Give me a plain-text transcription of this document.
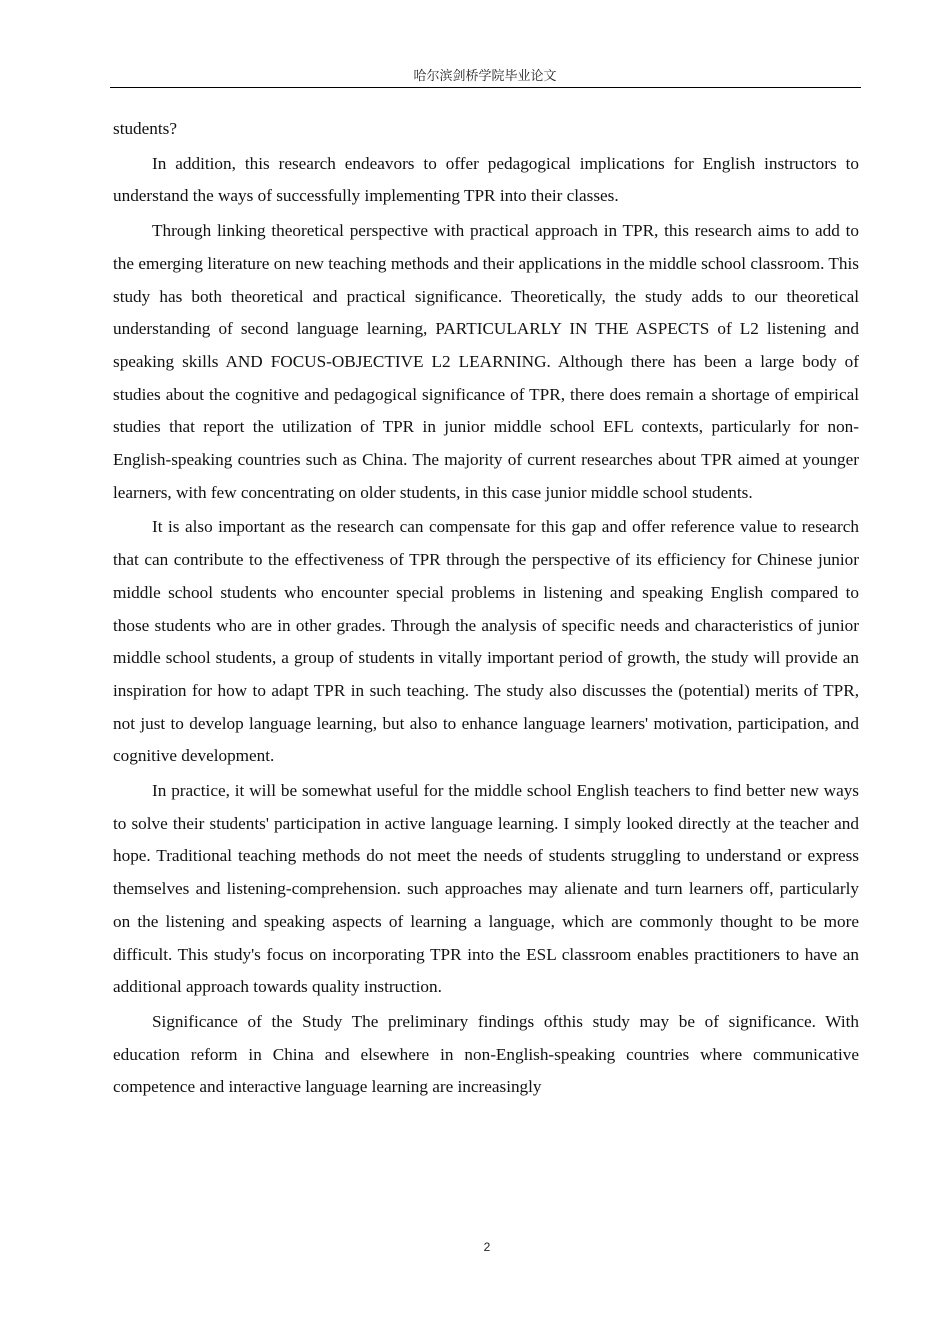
哈尔滨剑桥学院毕业论文

students?

In addition, this research endeavors to offer pedagogical implications for English instructors to understand the ways of successfully implementing TPR into their classes.

Through linking theoretical perspective with practical approach in TPR, this research aims to add to the emerging literature on new teaching methods and their applications in the middle school classroom. This study has both theoretical and practical significance. Theoretically, the study adds to our theoretical understanding of second language learning, PARTICULARLY IN THE ASPECTS of L2 listening and speaking skills AND FOCUS-OBJECTIVE L2 LEARNING. Although there has been a large body of studies about the cognitive and pedagogical significance of TPR, there does remain a shortage of empirical studies that report the utilization of TPR in junior middle school EFL contexts, particularly for non- English-speaking countries such as China. The majority of current researches about TPR aimed at younger learners, with few concentrating on older students, in this case junior middle school students.

It is also important as the research can compensate for this gap and offer reference value to research that can contribute to the effectiveness of TPR through the perspective of its efficiency for Chinese junior middle school students who encounter special problems in listening and speaking English compared to those students who are in other grades. Through the analysis of specific needs and characteristics of junior middle school students, a group of students in vitally important period of growth, the study will provide an inspiration for how to adapt TPR in such teaching. The study also discusses the (potential) merits of TPR, not just to develop language learning, but also to enhance language learners' motivation, participation, and cognitive development.

In practice, it will be somewhat useful for the middle school English teachers to find better new ways to solve their students' participation in active language learning. I simply looked directly at the teacher and hope. Traditional teaching methods do not meet the needs of students struggling to understand or express themselves and listening-comprehension. such approaches may alienate and turn learners off, particularly on the listening and speaking aspects of learning a language, which are commonly thought to be more difficult. This study's focus on incorporating TPR into the ESL classroom enables practitioners to have an additional approach towards quality instruction.

Significance of the Study The preliminary findings ofthis study may be of significance. With education reform in China and elsewhere in non-English-speaking countries where communicative competence and interactive language learning are increasingly

2
